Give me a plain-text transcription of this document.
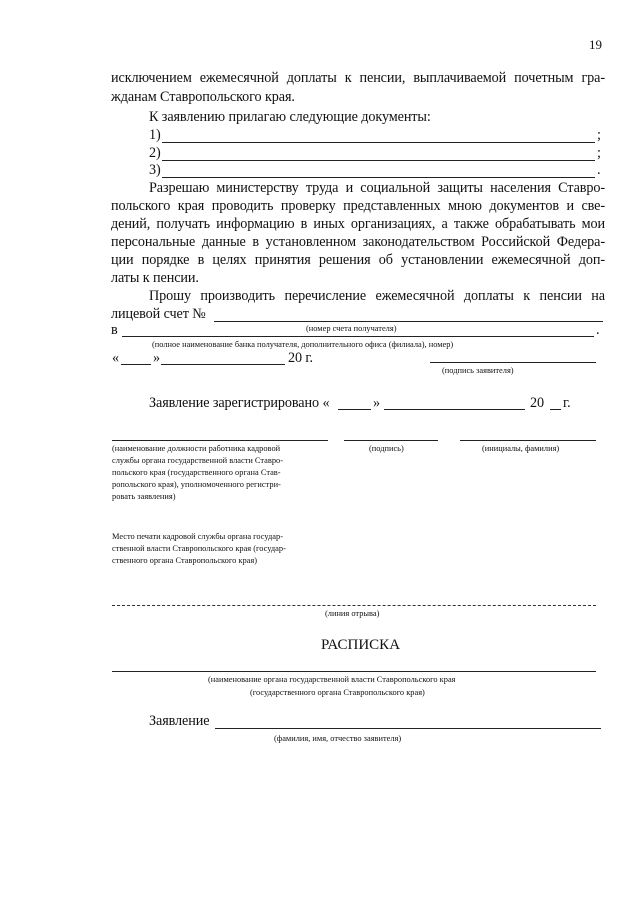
19
исключением ежемесячной доплаты к пенсии, выплачиваемой почетным гра-
жданам Ставропольского края.
К заявлению прилагаю следующие документы:
1)	;
2)	;
3)	.
Разрешаю министерству труда и социальной защиты населения Ставро-
польского края проводить проверку представленных мною документов и све-
дений, получать информацию в иных организациях, а также обрабатывать мои
персональные данные в установленном законодательством Российской Федера-
ции порядке в целях принятия решения об установлении ежемесячной доп-
латы к пенсии.
Прошу производить перечисление ежемесячной доплаты к пенсии на
лицевой счет №
(номер счета получателя)
в	.
(полное наименование банка получателя, дополнительного офиса (филиала), номер)
« »	20 г.
(подпись заявителя)
Заявление зарегистрировано «	»	20 г.
(наименование должности работника кадровой
службы органа государственной власти Ставро-
польского края (государственного органа Став-
ропольского края), уполномоченного регистри-
ровать заявления)
(подпись)	(инициалы, фамилия)
Место печати кадровой службы органа государ-
ственной власти Ставропольского края (государ-
ственного органа Ставропольского края)
(линия отрыва)
РАСПИСКА
(наименование органа государственной власти Ставропольского края
(государственного органа Ставропольского края)
Заявление
(фамилия, имя, отчество заявителя)
